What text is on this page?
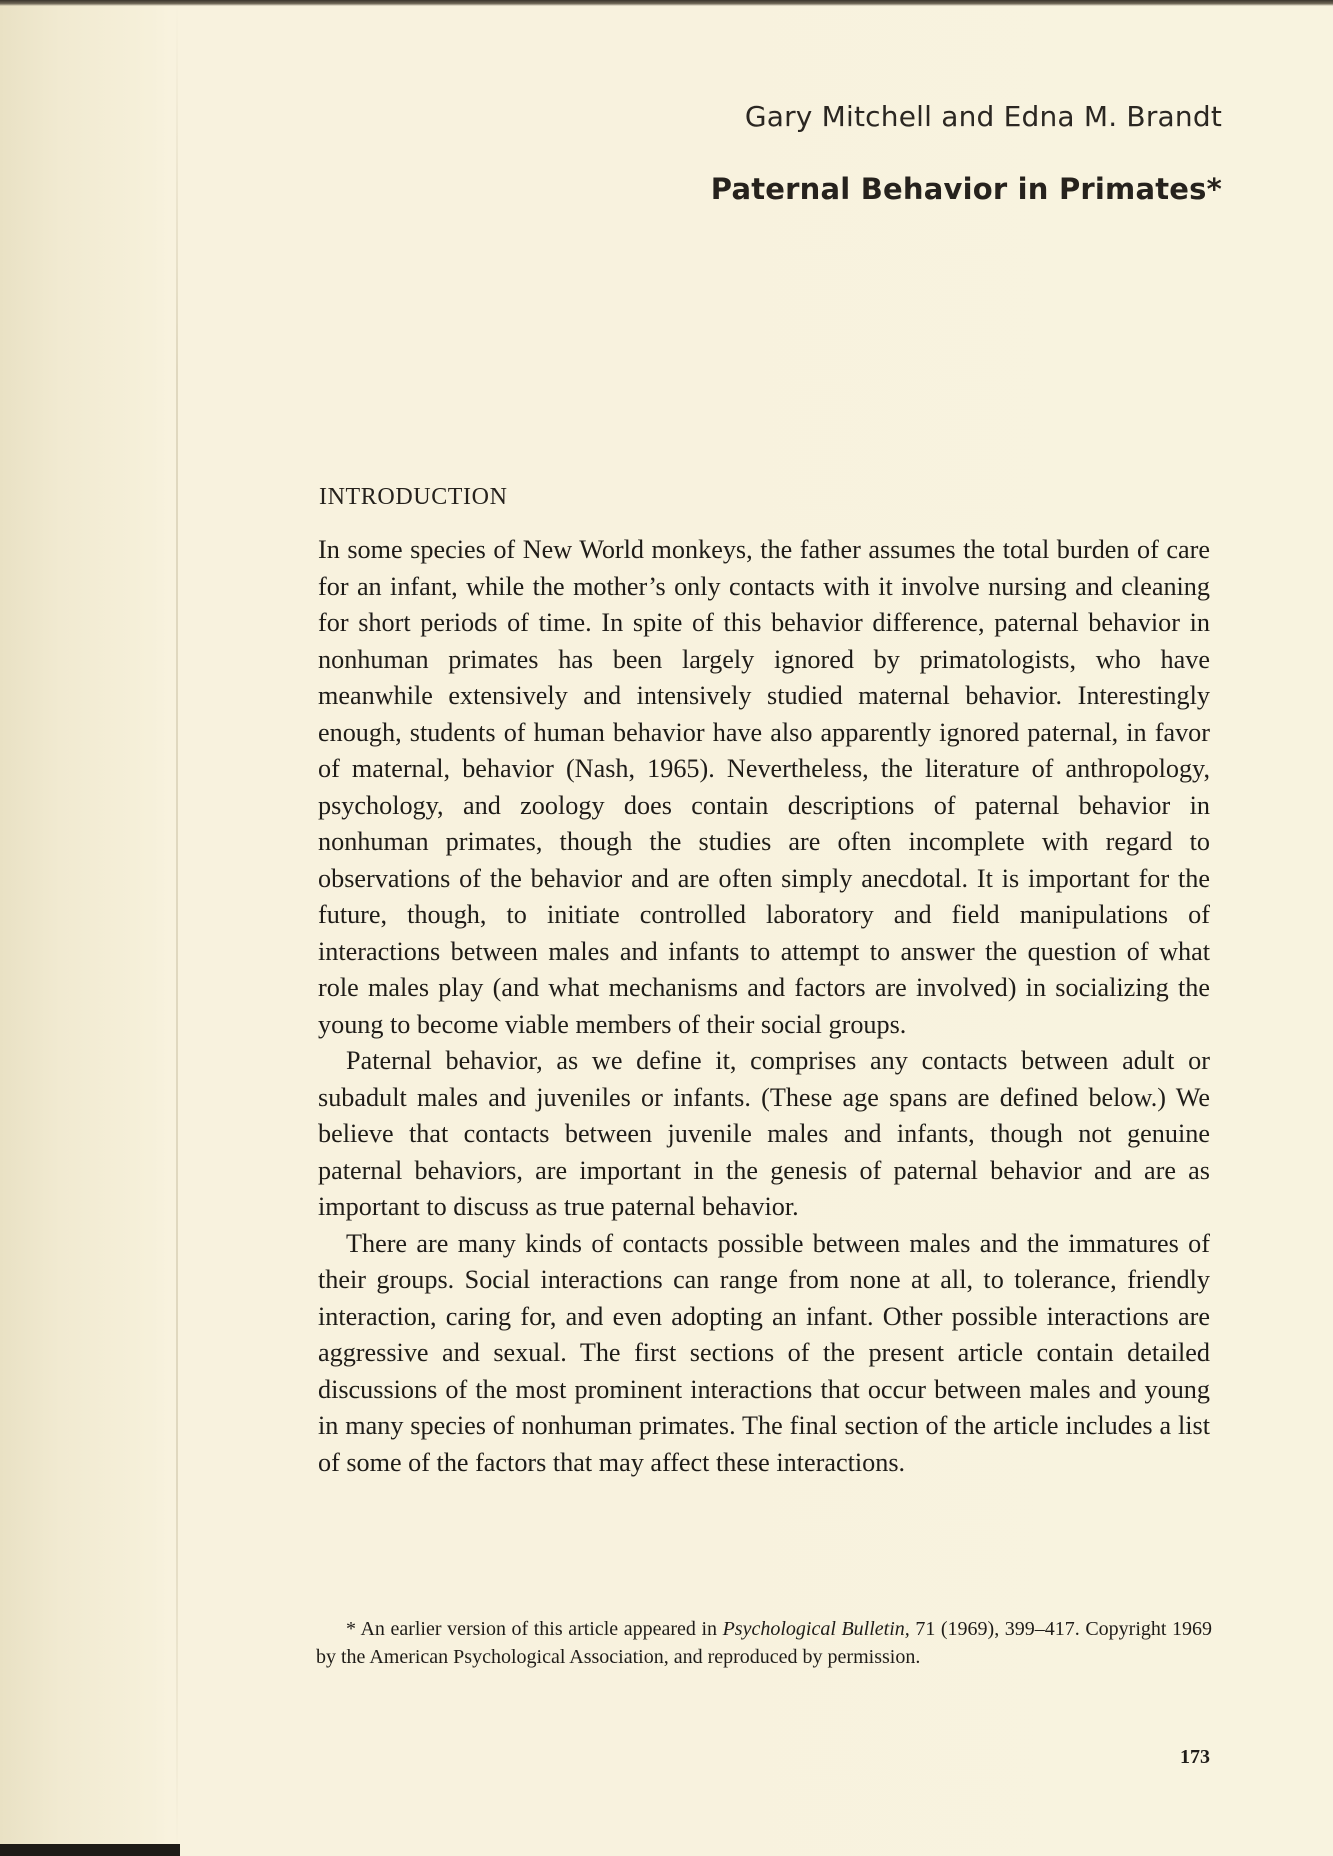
Gary Mitchell and Edna M. Brandt
Paternal Behavior in Primates*
INTRODUCTION

In some species of New World monkeys, the father assumes the total burden of care for an infant, while the mother’s only contacts with it involve nursing and cleaning for short periods of time. In spite of this behavior difference, paternal behavior in nonhuman primates has been largely ignored by primatologists, who have meanwhile extensively and intensively studied maternal behavior. Interestingly enough, students of human behavior have also apparently ignored paternal, in favor of maternal, behavior (Nash, 1965). Nevertheless, the literature of anthropology, psychology, and zoology does contain descriptions of paternal behavior in nonhuman primates, though the studies are often incomplete with regard to observations of the behavior and are often simply anecdotal. It is important for the future, though, to initiate controlled laboratory and field manipulations of interactions between males and infants to attempt to answer the question of what role males play (and what mechanisms and factors are involved) in socializing the young to become viable members of their social groups.

Paternal behavior, as we define it, comprises any contacts between adult or subadult males and juveniles or infants. (These age spans are defined below.) We believe that contacts between juvenile males and infants, though not genuine paternal behaviors, are important in the genesis of paternal behavior and are as important to discuss as true paternal behavior.

There are many kinds of contacts possible between males and the immatures of their groups. Social interactions can range from none at all, to tolerance, friendly interaction, caring for, and even adopting an infant. Other possible interactions are aggressive and sexual. The first sections of the present article contain detailed discussions of the most prominent interactions that occur between males and young in many species of nonhuman primates. The final section of the article includes a list of some of the factors that may affect these interactions.

* An earlier version of this article appeared in Psychological Bulletin, 71 (1969), 399–417. Copyright 1969 by the American Psychological Association, and reproduced by permission.
173
